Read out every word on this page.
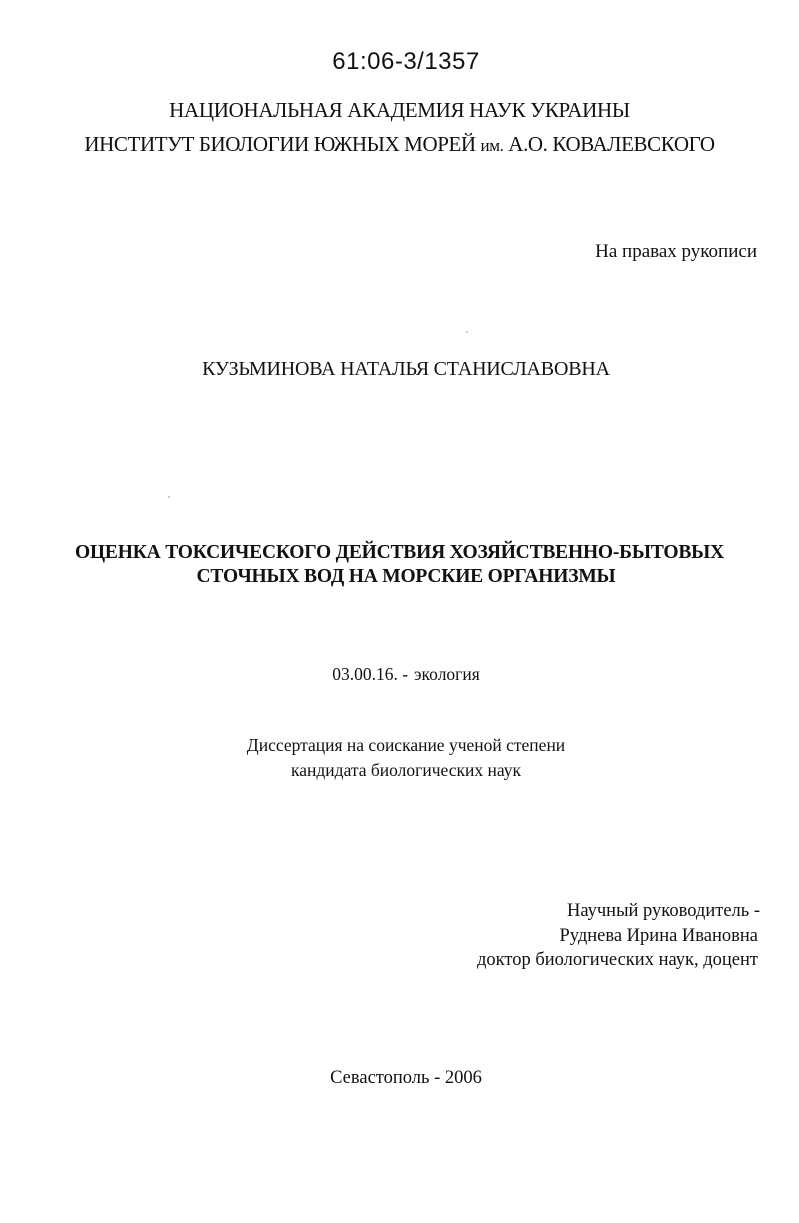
61:06-3/1357
НАЦИОНАЛЬНАЯ АКАДЕМИЯ НАУК УКРАИНЫ
ИНСТИТУТ БИОЛОГИИ ЮЖНЫХ МОРЕЙ им. А.О. КОВАЛЕВСКОГО
На правах рукописи
КУЗЬМИНОВА НАТАЛЬЯ СТАНИСЛАВОВНА
ОЦЕНКА ТОКСИЧЕСКОГО ДЕЙСТВИЯ ХОЗЯЙСТВЕННО-БЫТОВЫХ
СТОЧНЫХ ВОД НА МОРСКИЕ ОРГАНИЗМЫ
03.00.16. - экология
Диссертация на соискание ученой степени
кандидата биологических наук
Научный руководитель -
Руднева Ирина Ивановна
доктор биологических наук, доцент
Севастополь - 2006
